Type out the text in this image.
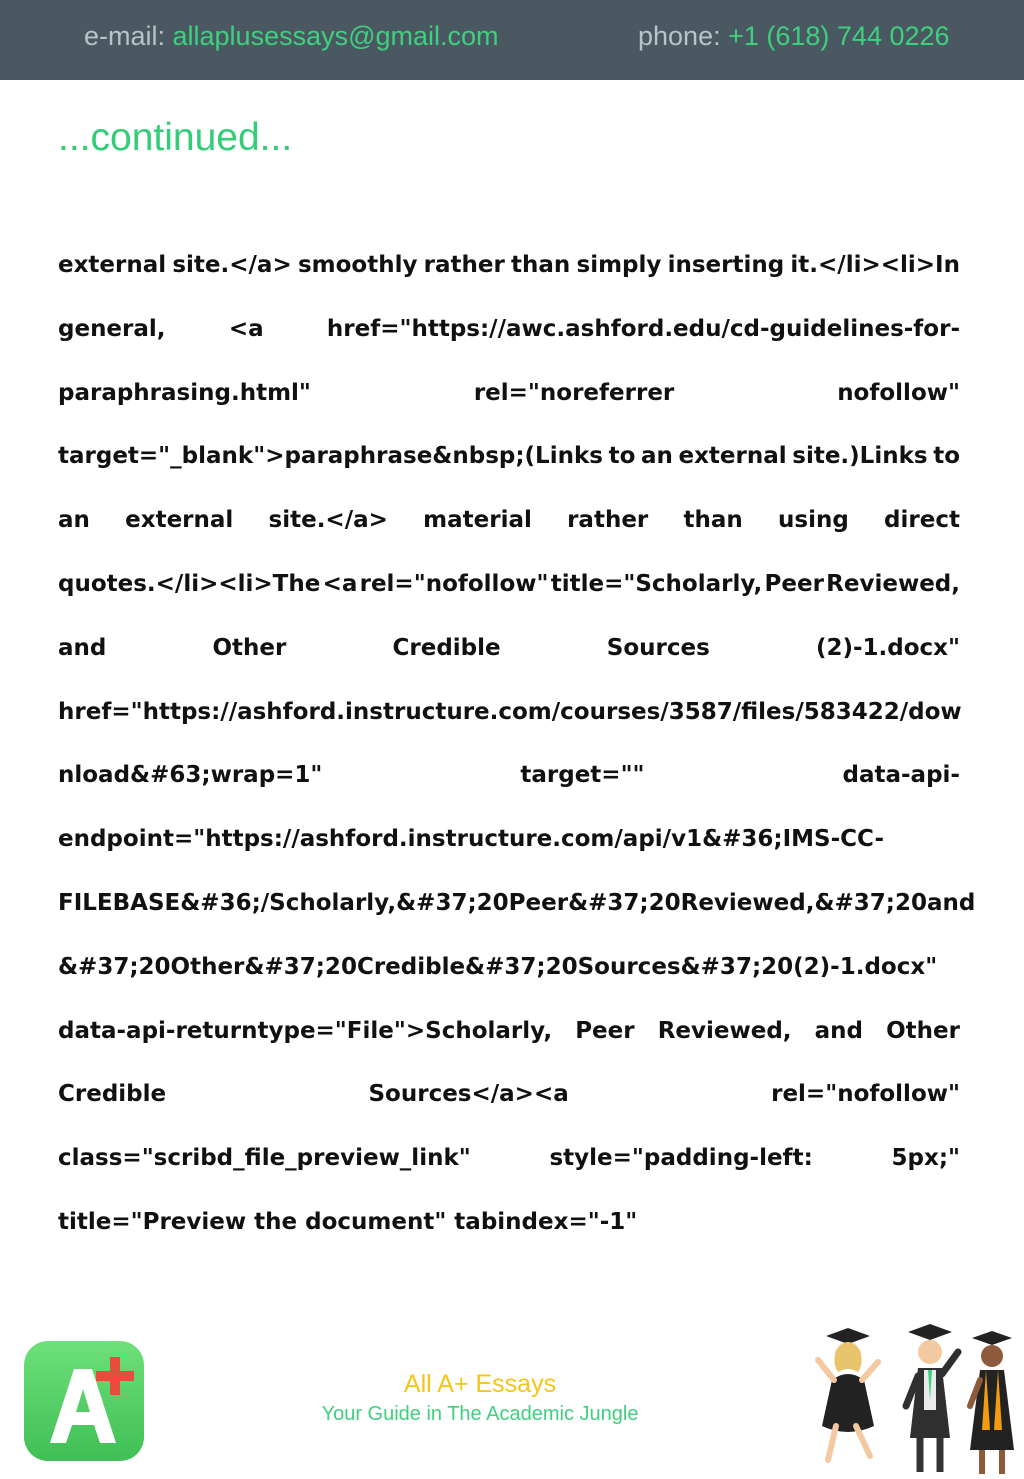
e-mail: allaplusessays@gmail.com	phone: +1 (618) 744 0226
...continued...
external site.</a> smoothly rather than simply inserting it.</li><li>In
general,	<a	href="https://awc.ashford.edu/cd-guidelines-for-
paraphrasing.html"	rel="noreferrer	nofollow"
target="_blank">paraphrase&nbsp;(Links to an external site.)Links to
an external site.</a> material rather than using direct
quotes.</li><li>The <a rel="nofollow" title="Scholarly, Peer Reviewed,
and	Other	Credible	Sources	(2)-1.docx"
href="https://ashford.instructure.com/courses/3587/files/583422/dow
nload&#63;wrap=1"	target=""	data-api-
endpoint="https://ashford.instructure.com/api/v1&#36;IMS-CC-
FILEBASE&#36;/Scholarly,&#37;20Peer&#37;20Reviewed,&#37;20and
&#37;20Other&#37;20Credible&#37;20Sources&#37;20(2)-1.docx"
data-api-returntype="File">Scholarly, Peer Reviewed, and Other
Credible	Sources</a><a	rel="nofollow"
class="scribd_file_preview_link"	style="padding-left:	5px;"
title="Preview the document" tabindex="-1"
All A+ Essays
Your Guide in The Academic Jungle
